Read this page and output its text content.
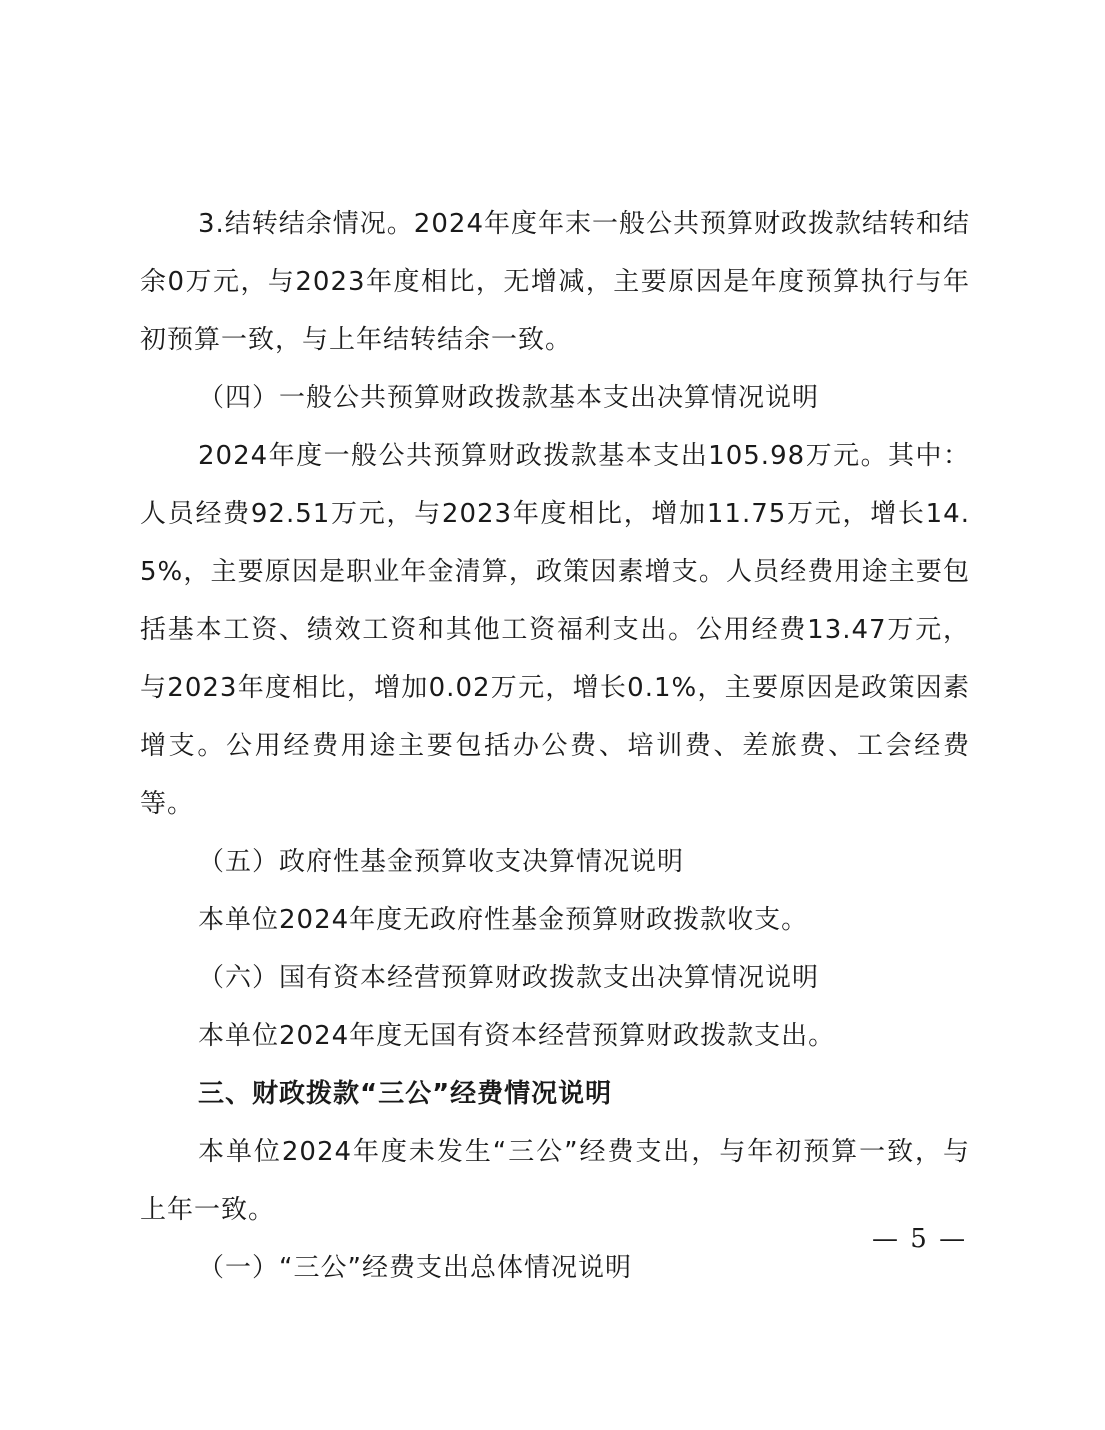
3.结转结余情况。2024年度年末一般公共预算财政拨款结转和结余0万元，与2023年度相比，无增减，主要原因是年度预算执行与年初预算一致，与上年结转结余一致。

（四）一般公共预算财政拨款基本支出决算情况说明

2024年度一般公共预算财政拨款基本支出105.98万元。其中：人员经费92.51万元，与2023年度相比，增加11.75万元，增长14.5%，主要原因是职业年金清算，政策因素增支。人员经费用途主要包括基本工资、绩效工资和其他工资福利支出。公用经费13.47万元，与2023年度相比，增加0.02万元，增长0.1%，主要原因是政策因素增支。公用经费用途主要包括办公费、培训费、差旅费、工会经费等。

（五）政府性基金预算收支决算情况说明

本单位2024年度无政府性基金预算财政拨款收支。

（六）国有资本经营预算财政拨款支出决算情况说明

本单位2024年度无国有资本经营预算财政拨款支出。

三、财政拨款“三公”经费情况说明

本单位2024年度未发生“三公”经费支出，与年初预算一致，与上年一致。

（一）“三公”经费支出总体情况说明

— 5 —
